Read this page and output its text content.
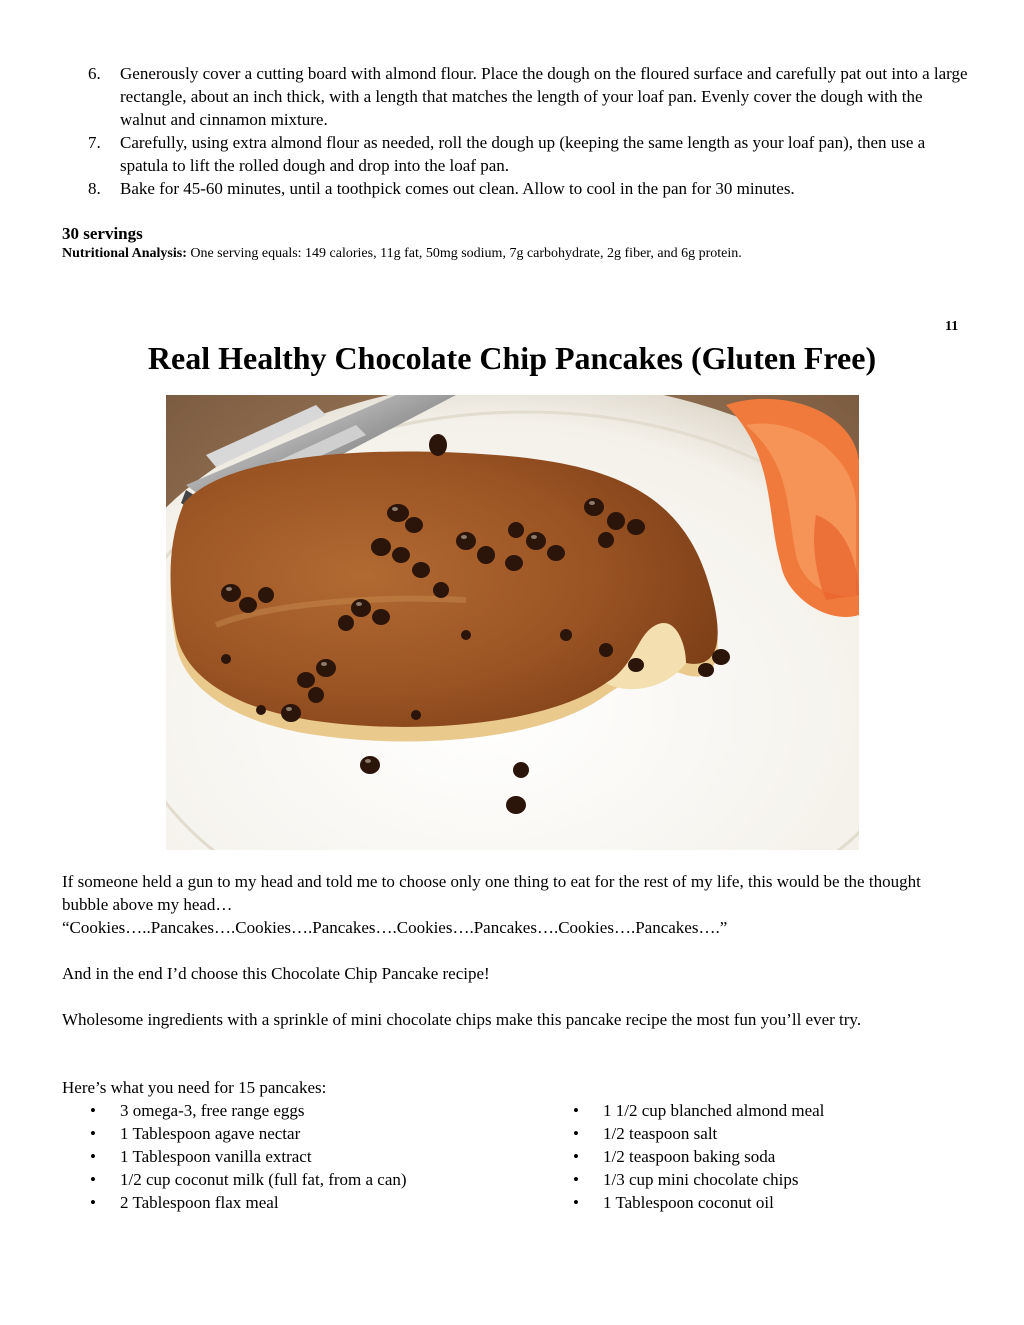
6. Generously cover a cutting board with almond flour. Place the dough on the floured surface and carefully pat out into a large rectangle, about an inch thick, with a length that matches the length of your loaf pan. Evenly cover the dough with the walnut and cinnamon mixture.
7. Carefully, using extra almond flour as needed, roll the dough up (keeping the same length as your loaf pan), then use a spatula to lift the rolled dough and drop into the loaf pan.
8. Bake for 45-60 minutes, until a toothpick comes out clean. Allow to cool in the pan for 30 minutes.
30 servings
Nutritional Analysis: One serving equals: 149 calories, 11g fat, 50mg sodium, 7g carbohydrate, 2g fiber, and 6g protein.
11
Real Healthy Chocolate Chip Pancakes (Gluten Free)

If someone held a gun to my head and told me to choose only one thing to eat for the rest of my life, this would be the thought bubble above my head…
“Cookies…..Pancakes….Cookies….Pancakes….Cookies….Pancakes….Cookies….Pancakes….”

And in the end I’d choose this Chocolate Chip Pancake recipe!

Wholesome ingredients with a sprinkle of mini chocolate chips make this pancake recipe the most fun you’ll ever try.

Here’s what you need for 15 pancakes:

• 3 omega-3, free range eggs
• 1 Tablespoon agave nectar
• 1 Tablespoon vanilla extract
• 1/2 cup coconut milk (full fat, from a can)
• 2 Tablespoon flax meal
• 1 1/2 cup blanched almond meal
• 1/2 teaspoon salt
• 1/2 teaspoon baking soda
• 1/3 cup mini chocolate chips
• 1 Tablespoon coconut oil
